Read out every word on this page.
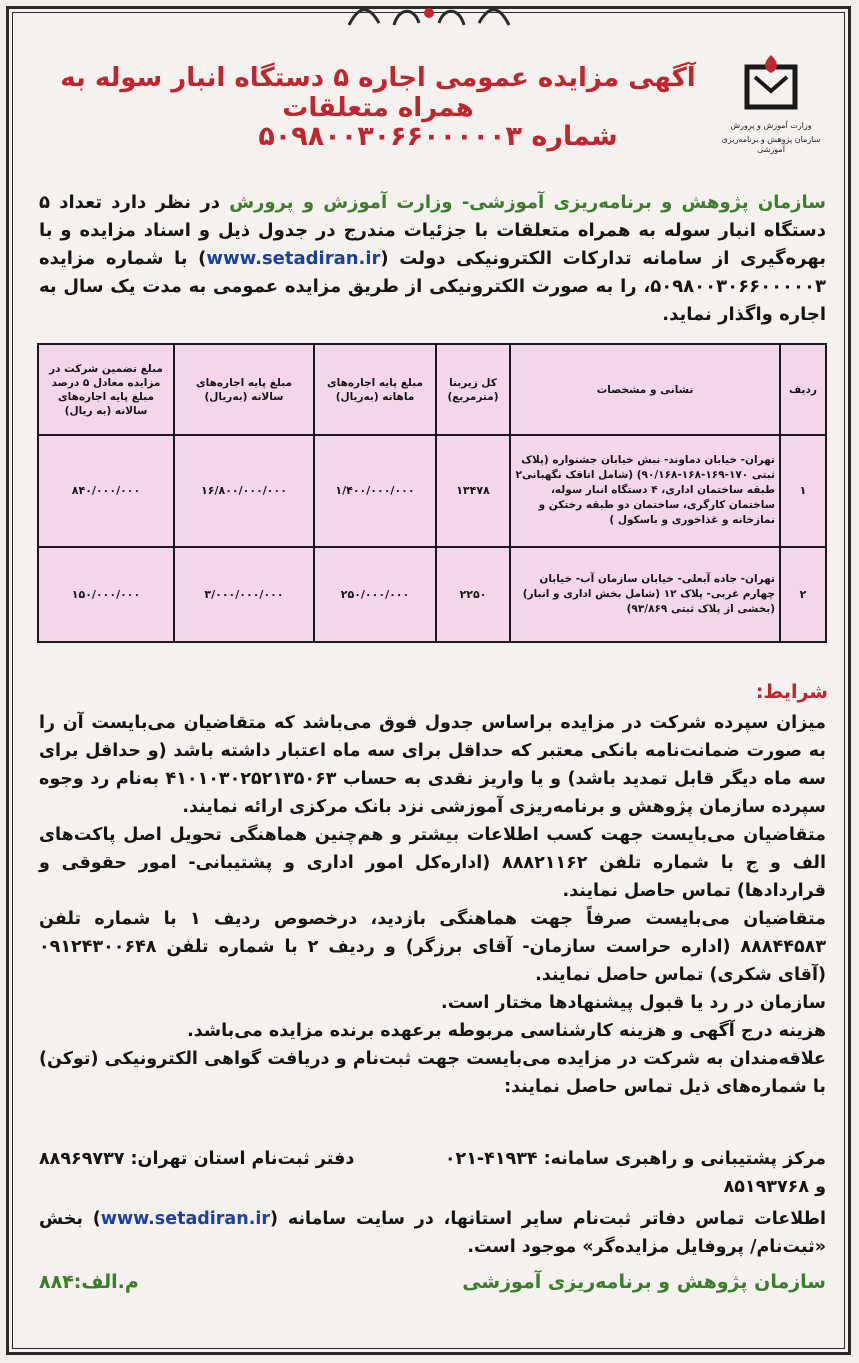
وزارت آموزش و پرورش
سازمان پژوهش و برنامه‌ریزی آموزشی
آگهی مزایده عمومی اجاره ۵ دستگاه انبار سوله به همراه متعلقات
شماره ۵۰۹۸۰۰۳۰۶۶۰۰۰۰۰۳
سازمان پژوهش و برنامه‌ریزی آموزشی- وزارت آموزش و پرورش در نظر دارد تعداد ۵ دستگاه انبار سوله به همراه متعلقات با جزئیات مندرج در جدول ذیل و اسناد مزایده و با بهره‌گیری از سامانه تدارکات الکترونیکی دولت (www.setadiran.ir) با شماره مزایده ۵۰۹۸۰۰۳۰۶۶۰۰۰۰۰۳، را به صورت الکترونیکی از طریق مزایده عمومی به مدت یک سال به اجاره واگذار نماید.
ردیف	نشانی و مشخصات	کل زیربنا (مترمربع)	مبلغ پایه اجاره‌های ماهانه (به‌ریال)	مبلغ پایه اجاره‌های سالانه (به‌ریال)	مبلغ تضمین شرکت در مزایده معادل ۵ درصد مبلغ پایه اجاره‌های سالانه (به ریال)
۱	تهران- خیابان دماوند- نبش خیابان جشنواره (پلاک ثبتی ۱۷۰-۱۶۹-۱۶۸-۹۰/۱۶۸) (شامل اتاقک نگهبانی۲ طبقه ساختمان اداری، ۴ دستگاه انبار سوله، ساختمان کارگری، ساختمان دو طبقه رختکن و نمازخانه و غذاخوری و باسکول )	۱۳۴۷۸	۱/۴۰۰/۰۰۰/۰۰۰	۱۶/۸۰۰/۰۰۰/۰۰۰	۸۴۰/۰۰۰/۰۰۰
۲	تهران- جاده آبعلی- خیابان سازمان آب- خیابان چهارم غربی- پلاک ۱۲ (شامل بخش اداری و انبار) (بخشی از پلاک ثبتی ۹۳/۸۶۹)	۲۲۵۰	۲۵۰/۰۰۰/۰۰۰	۳/۰۰۰/۰۰۰/۰۰۰	۱۵۰/۰۰۰/۰۰۰
شرایط:

میزان سپرده شرکت در مزایده براساس جدول فوق می‌باشد که متقاضیان می‌بایست آن را به صورت ضمانت‌نامه بانکی معتبر که حداقل برای سه ماه اعتبار داشته باشد (و حداقل برای سه ماه دیگر قابل تمدید باشد) و یا واریز نقدی به حساب ۴۱۰۱۰۳۰۲۵۲۱۳۵۰۶۳ به‌نام رد وجوه سپرده سازمان پژوهش و برنامه‌ریزی آموزشی نزد بانک مرکزی ارائه نمایند.

متقاضیان می‌بایست جهت کسب اطلاعات بیشتر و هم‌چنین هماهنگی تحویل اصل پاکت‌های الف و ج با شماره تلفن ۸۸۸۲۱۱۶۲ (اداره‌کل امور اداری و پشتیبانی- امور حقوقی و قراردادها) تماس حاصل نمایند.

متقاضیان می‌بایست صرفاً جهت هماهنگی بازدید، درخصوص ردیف ۱ با شماره تلفن ۸۸۸۴۴۵۸۳ (اداره حراست سازمان- آقای برزگر) و ردیف ۲ با شماره تلفن ۰۹۱۲۴۳۰۰۶۴۸ (آقای شکری) تماس حاصل نمایند.

سازمان در رد یا قبول پیشنهادها مختار است.

هزینه درج آگهی و هزینه کارشناسی مربوطه برعهده برنده مزایده می‌باشد.

علاقه‌مندان به شرکت در مزایده می‌بایست جهت ثبت‌نام و دریافت گواهی الکترونیکی (توکن) با شماره‌های ذیل تماس حاصل نمایند:

مرکز پشتیبانی و راهبری سامانه: ۴۱۹۳۴-۰۲۱
دفتر ثبت‌نام استان تهران: ۸۸۹۶۹۷۳۷
و ۸۵۱۹۳۷۶۸
اطلاعات تماس دفاتر ثبت‌نام سایر استانها، در سایت سامانه (www.setadiran.ir) بخش «ثبت‌نام/ پروفایل مزایده‌گر» موجود است.
سازمان پژوهش و برنامه‌ریزی آموزشی
م.الف:۸۸۴
